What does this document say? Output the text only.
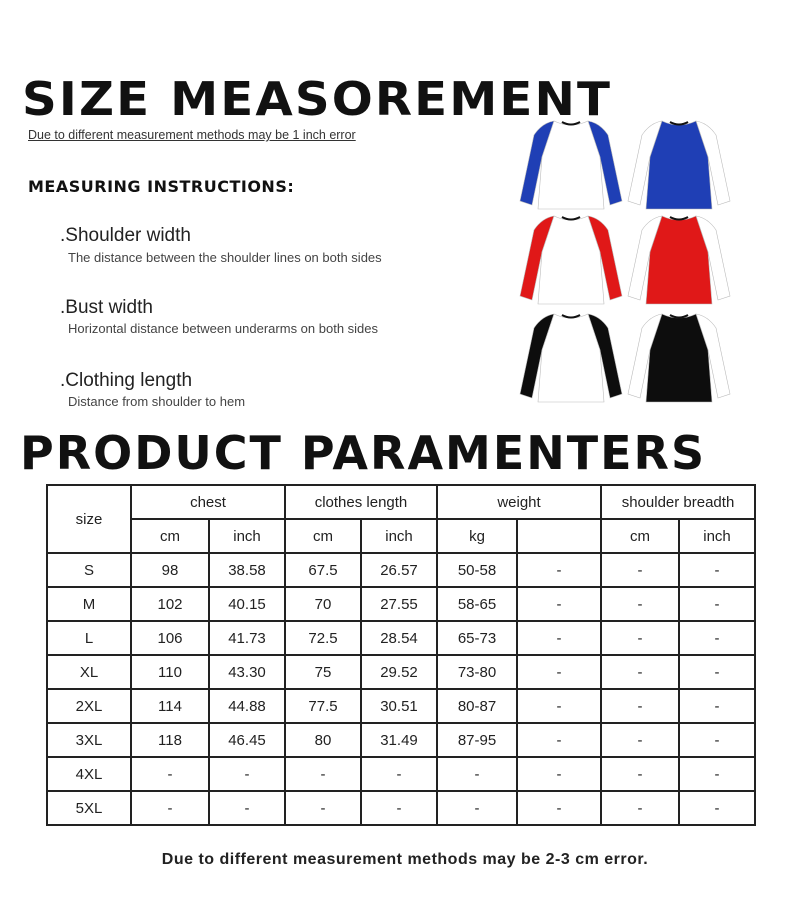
SIZE MEASOREMENT
Due to different measurement methods may be 1 inch error
MEASURING INSTRUCTIONS:
.Shoulder width
The distance between the shoulder lines on both sides
.Bust width
Horizontal distance between underarms on both sides
.Clothing length
Distance from shoulder to hem
PRODUCT PARAMENTERS
size	chest		clothes length		weight		shoulder breadth	
	cm	inch	cm	inch	kg		cm	inch
S	98	38.58	67.5	26.57	50-58	-	-	-
M	102	40.15	70	27.55	58-65	-	-	-
L	106	41.73	72.5	28.54	65-73	-	-	-
XL	110	43.30	75	29.52	73-80	-	-	-
2XL	114	44.88	77.5	30.51	80-87	-	-	-
3XL	118	46.45	80	31.49	87-95	-	-	-
4XL	-	-	-	-	-	-	-	-
5XL	-	-	-	-	-	-	-	-
Due to different measurement methods may be 2-3 cm error.
